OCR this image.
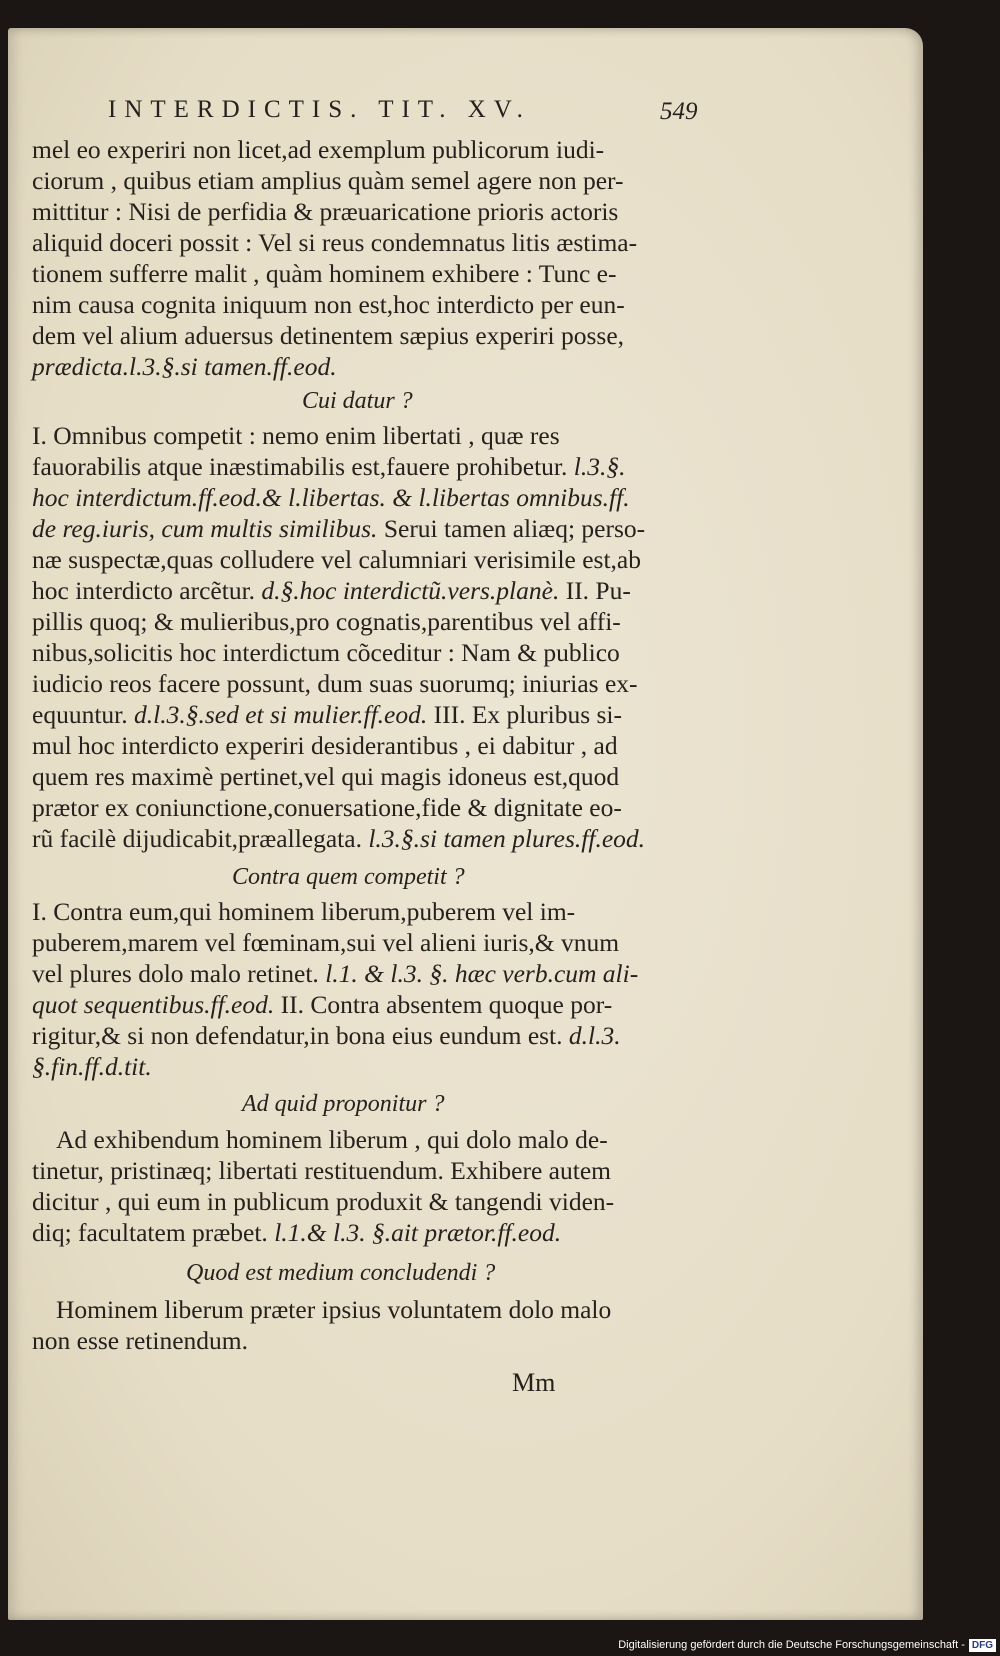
INTERDICTIS. TIT. XV.	549
mel eo experiri non licet,ad exemplum publicorum iudi-
ciorum , quibus etiam amplius quàm semel agere non per-
mittitur : Nisi de perfidia & præuaricatione prioris actoris
aliquid doceri possit : Vel si reus condemnatus litis æstima-
tionem sufferre malit , quàm hominem exhibere : Tunc e-
nim causa cognita iniquum non est,hoc interdicto per eun-
dem vel alium aduersus detinentem sæpius experiri posse,
prædicta.l.3.§.si tamen.ff.eod.
Cui datur ?
I. Omnibus competit : nemo enim libertati , quæ res
fauorabilis atque inæstimabilis est,fauere prohibetur. l.3.§.
hoc interdictum.ff.eod.& l.libertas. & l.libertas omnibus.ff.
de reg.iuris, cum multis similibus. Serui tamen aliæq; perso-
næ suspectæ,quas colludere vel calumniari verisimile est,ab
hoc interdicto arcẽtur. d.§.hoc interdictũ.vers.planè. II. Pu-
pillis quoq; & mulieribus,pro cognatis,parentibus vel affi-
nibus,solicitis hoc interdictum cõceditur : Nam & publico
iudicio reos facere possunt, dum suas suorumq; iniurias ex-
equuntur. d.l.3.§.sed et si mulier.ff.eod. III. Ex pluribus si-
mul hoc interdicto experiri desiderantibus , ei dabitur , ad
quem res maximè pertinet,vel qui magis idoneus est,quod
prætor ex coniunctione,conuersatione,fide & dignitate eo-
rũ facilè dijudicabit,præallegata. l.3.§.si tamen plures.ff.eod.
Contra quem competit ?
I. Contra eum,qui hominem liberum,puberem vel im-
puberem,marem vel fœminam,sui vel alieni iuris,& vnum
vel plures dolo malo retinet. l.1. & l.3. §. hæc verb.cum ali-
quot sequentibus.ff.eod. II. Contra absentem quoque por-
rigitur,& si non defendatur,in bona eius eundum est. d.l.3.
§.fin.ff.d.tit.
Ad quid proponitur ?
Ad exhibendum hominem liberum , qui dolo malo de-
tinetur, pristinæq; libertati restituendum. Exhibere autem
dicitur , qui eum in publicum produxit & tangendi viden-
diq; facultatem præbet. l.1.& l.3. §.ait prætor.ff.eod.
Quod est medium concludendi ?
Hominem liberum præter ipsius voluntatem dolo malo
non esse retinendum.
Mm
Digitalisierung gefördert durch die Deutsche Forschungsgemeinschaft - DFG
